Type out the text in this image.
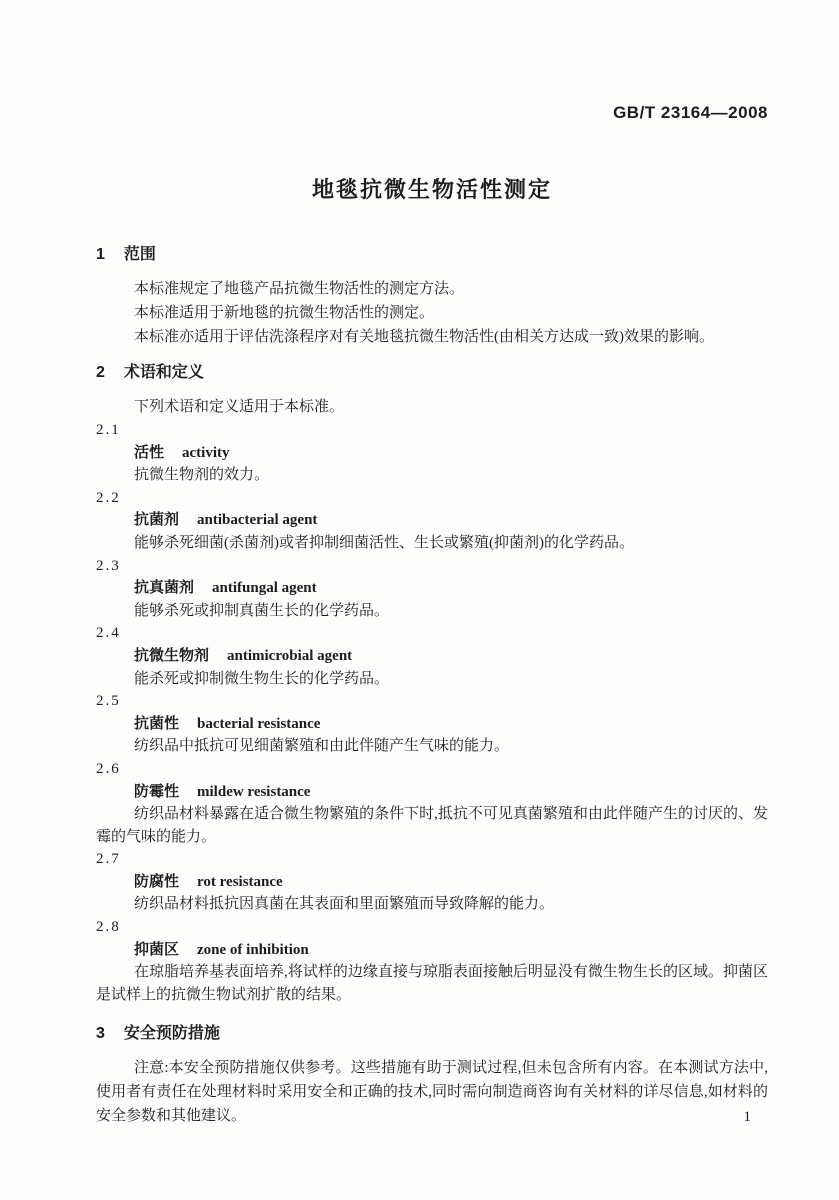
GB/T 23164—2008
地毯抗微生物活性测定
1 范围

本标准规定了地毯产品抗微生物活性的测定方法。

本标准适用于新地毯的抗微生物活性的测定。

本标准亦适用于评估洗涤程序对有关地毯抗微生物活性(由相关方达成一致)效果的影响。

2 术语和定义

下列术语和定义适用于本标准。

2.1
活性 activity

抗微生物剂的效力。

2.2
抗菌剂 antibacterial agent

能够杀死细菌(杀菌剂)或者抑制细菌活性、生长或繁殖(抑菌剂)的化学药品。

2.3
抗真菌剂 antifungal agent

能够杀死或抑制真菌生长的化学药品。

2.4
抗微生物剂 antimicrobial agent

能杀死或抑制微生物生长的化学药品。

2.5
抗菌性 bacterial resistance

纺织品中抵抗可见细菌繁殖和由此伴随产生气味的能力。

2.6
防霉性 mildew resistance

纺织品材料暴露在适合微生物繁殖的条件下时,抵抗不可见真菌繁殖和由此伴随产生的讨厌的、发霉的气味的能力。

2.7
防腐性 rot resistance

纺织品材料抵抗因真菌在其表面和里面繁殖而导致降解的能力。

2.8
抑菌区 zone of inhibition

在琼脂培养基表面培养,将试样的边缘直接与琼脂表面接触后明显没有微生物生长的区域。抑菌区是试样上的抗微生物试剂扩散的结果。

3 安全预防措施

注意:本安全预防措施仅供参考。这些措施有助于测试过程,但未包含所有内容。在本测试方法中,使用者有责任在处理材料时采用安全和正确的技术,同时需向制造商咨询有关材料的详尽信息,如材料的安全参数和其他建议。	1
